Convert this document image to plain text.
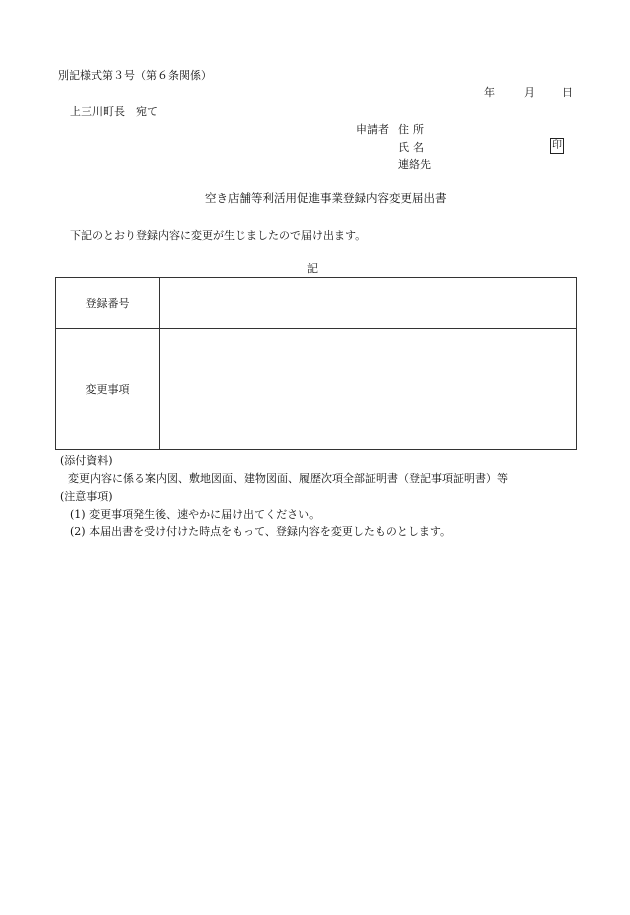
別記様式第３号（第６条関係）
年	月 日
上三川町長　宛て
申請者 住所
氏名	印
連絡先
空き店舗等利活用促進事業登録内容変更届出書
下記のとおり登録内容に変更が生じましたので届け出ます。
記
登録番号	
変更事項	
(添付資料)
変更内容に係る案内図、敷地図面、建物図面、履歴次項全部証明書（登記事項証明書）等
(注意事項)
(1) 変更事項発生後、速やかに届け出てください。
(2) 本届出書を受け付けた時点をもって、登録内容を変更したものとします。
